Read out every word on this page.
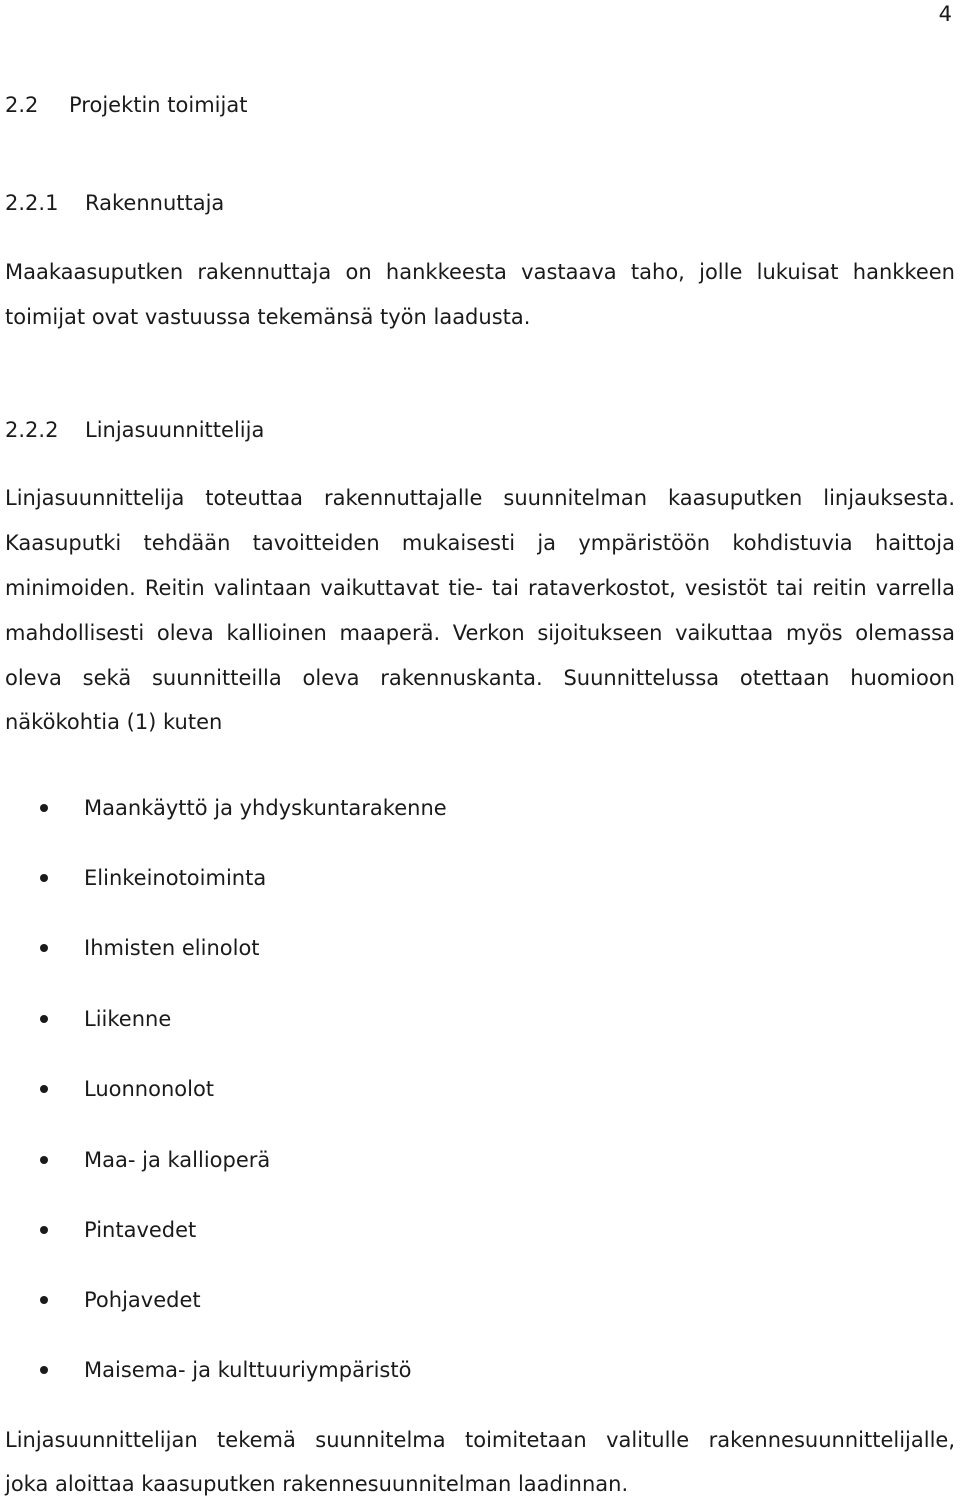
4
2.2 Projektin toimijat
2.2.1 Rakennuttaja
Maakaasuputken rakennuttaja on hankkeesta vastaava taho, jolle lukuisat hankkeen
toimijat ovat vastuussa tekemänsä työn laadusta.
2.2.2 Linjasuunnittelija
Linjasuunnittelija toteuttaa rakennuttajalle suunnitelman kaasuputken linjauksesta.
Kaasuputki tehdään tavoitteiden mukaisesti ja ympäristöön kohdistuvia haittoja
minimoiden. Reitin valintaan vaikuttavat tie- tai rataverkostot, vesistöt tai reitin varrella
mahdollisesti oleva kallioinen maaperä. Verkon sijoitukseen vaikuttaa myös olemassa
oleva sekä suunnitteilla oleva rakennuskanta. Suunnittelussa otettaan huomioon
näkökohtia (1) kuten
Maankäyttö ja yhdyskuntarakenne
Elinkeinotoiminta
Ihmisten elinolot
Liikenne
Luonnonolot
Maa- ja kallioperä
Pintavedet
Pohjavedet
Maisema- ja kulttuuriympäristö
Linjasuunnittelijan tekemä suunnitelma toimitetaan valitulle rakennesuunnittelijalle,
joka aloittaa kaasuputken rakennesuunnitelman laadinnan.
